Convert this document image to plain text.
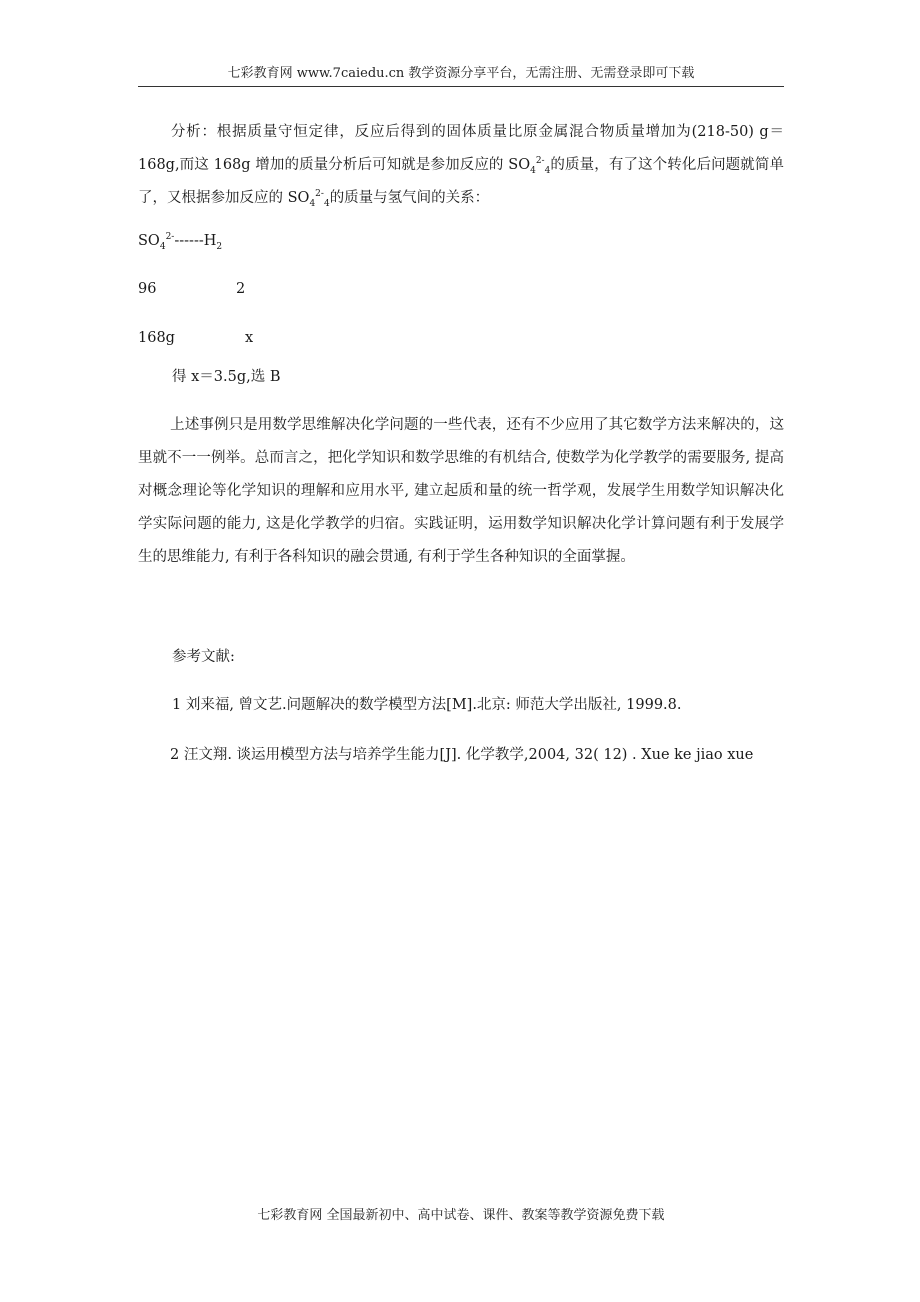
七彩教育网 www.7caiedu.cn 教学资源分享平台，无需注册、无需登录即可下载
分析：根据质量守恒定律，反应后得到的固体质量比原金属混合物质量增加为(218-50) g＝168g,而这 168g 增加的质量分析后可知就是参加反应的 $SO_4^{2-}_4$的质量，有了这个转化后问题就简单了，又根据参加反应的 $SO_4^{2-}_4$的质量与氢气间的关系：
$SO_4^{2-}------H_2$
96	2
168g	x
得 x＝3.5g,选 B
上述事例只是用数学思维解决化学问题的一些代表，还有不少应用了其它数学方法来解决的，这里就不一一例举。总而言之，把化学知识和数学思维的有机结合, 使数学为化学教学的需要服务, 提高对概念理论等化学知识的理解和应用水平, 建立起质和量的统一哲学观，发展学生用数学知识解决化学实际问题的能力, 这是化学教学的归宿。实践证明，运用数学知识解决化学计算问题有利于发展学生的思维能力, 有利于各科知识的融会贯通, 有利于学生各种知识的全面掌握。
参考文献:
1 刘来福, 曾文艺.问题解决的数学模型方法[M].北京: 师范大学出版社, 1999.8.
2 汪文翔. 谈运用模型方法与培养学生能力[J]. 化学教学,2004, 32( 12) . Xue ke jiao xue
七彩教育网 全国最新初中、高中试卷、课件、教案等教学资源免费下载
